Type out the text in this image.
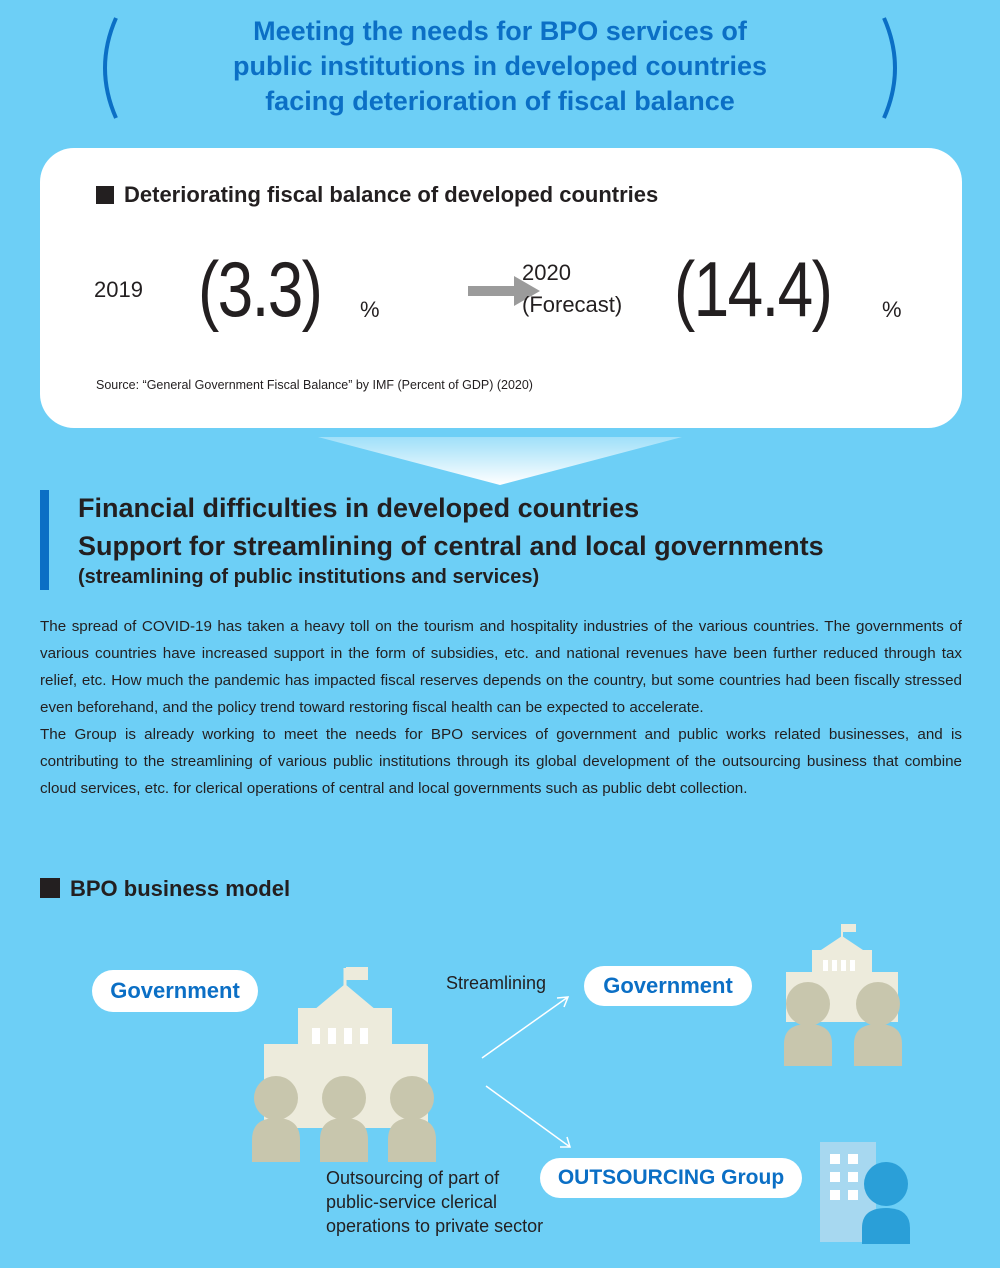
Meeting the needs for BPO services of
public institutions in developed countries
facing deterioration of fiscal balance
Deteriorating fiscal balance of developed countries
2019 (3.3) %
2020
(Forecast) (14.4) %
Source: “General Government Fiscal Balance” by IMF (Percent of GDP) (2020)
Financial difficulties in developed countries
Support for streamlining of central and local governments
(streamlining of public institutions and services)

The spread of COVID-19 has taken a heavy toll on the tourism and hospitality industries of the various countries. The governments of various countries have increased support in the form of subsidies, etc. and national revenues have been further reduced through tax relief, etc. How much the pandemic has impacted fiscal reserves depends on the country, but some countries had been fiscally stressed even beforehand, and the policy trend toward restoring fiscal health can be expected to accelerate.

The Group is already working to meet the needs for BPO services of government and public works related businesses, and is contributing to the streamlining of various public institutions through its global development of the outsourcing business that combine cloud services, etc. for clerical operations of central and local governments such as public debt collection.

BPO business model
Government	Streamlining	Government
Outsourcing of part of
public-service clerical
operations to private sector
OUTSOURCING Group
